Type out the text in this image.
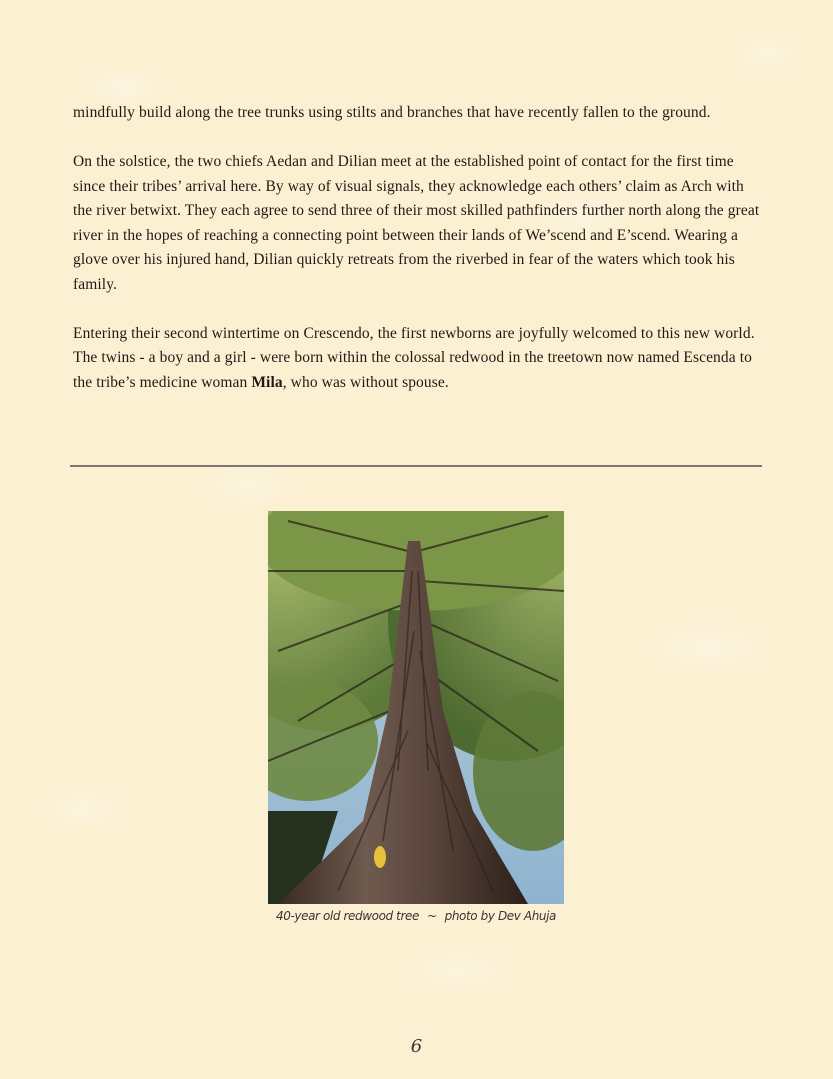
mindfully build along the tree trunks using stilts and branches that have recently fallen to the ground.

On the solstice, the two chiefs Aedan and Dilian meet at the established point of contact for the first time since their tribes’ arrival here. By way of visual signals, they acknowledge each others’ claim as Arch with the river betwixt. They each agree to send three of their most skilled pathfinders further north along the great river in the hopes of reaching a connecting point between their lands of We’scend and E’scend. Wearing a glove over his injured hand, Dilian quickly retreats from the riverbed in fear of the waters which took his family.

Entering their second wintertime on Crescendo, the first newborns are joyfully welcomed to this new world. The twins - a boy and a girl - were born within the colossal redwood in the treetown now named Escenda to the tribe’s medicine woman Mila, who was without spouse.

40-year old redwood tree ~ photo by Dev Ahuja
6
